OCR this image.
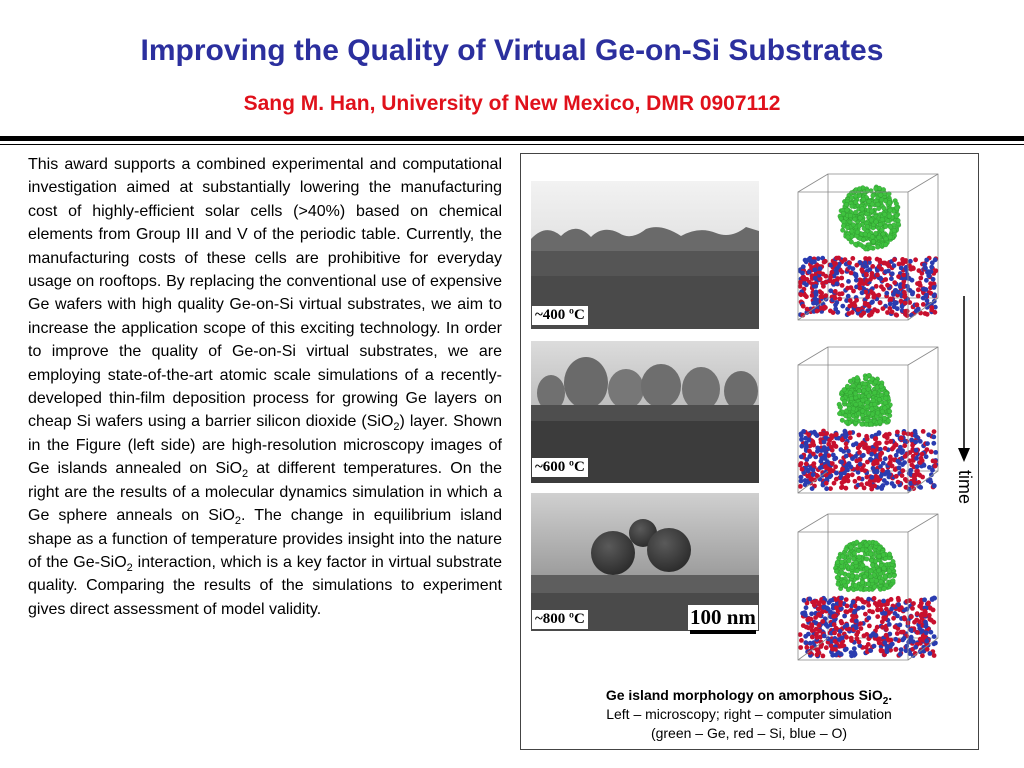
Improving the Quality of Virtual Ge-on-Si Substrates
Sang M. Han, University of New Mexico, DMR 0907112
This award supports a combined experimental and computational investigation aimed at substantially lowering the manufacturing cost of highly-efficient solar cells (>40%) based on chemical elements from Group III and V of the periodic table. Currently, the manufacturing costs of these cells are prohibitive for everyday usage on rooftops. By replacing the conventional use of expensive Ge wafers with high quality Ge-on-Si virtual substrates, we aim to increase the application scope of this exciting technology. In order to improve the quality of Ge-on-Si virtual substrates, we are employing state-of-the-art atomic scale simulations of a recently-developed thin-film deposition process for growing Ge layers on cheap Si wafers using a barrier silicon dioxide (SiO$_2$) layer. Shown in the Figure (left side) are high-resolution microscopy images of Ge islands annealed on SiO$_2$ at different temperatures. On the right are the results of a molecular dynamics simulation in which a Ge sphere anneals on SiO$_2$. The change in equilibrium island shape as a function of temperature provides insight into the nature of the Ge-SiO$_2$ interaction, which is a key factor in virtual substrate quality. Comparing the results of the simulations to experiment gives direct assessment of model validity.
~400 ºC
~600 ºC
~800 ºC	100 nm
time
Ge island morphology on amorphous SiO$_2$.
Left – microscopy; right – computer simulation
(green – Ge, red – Si, blue – O)
